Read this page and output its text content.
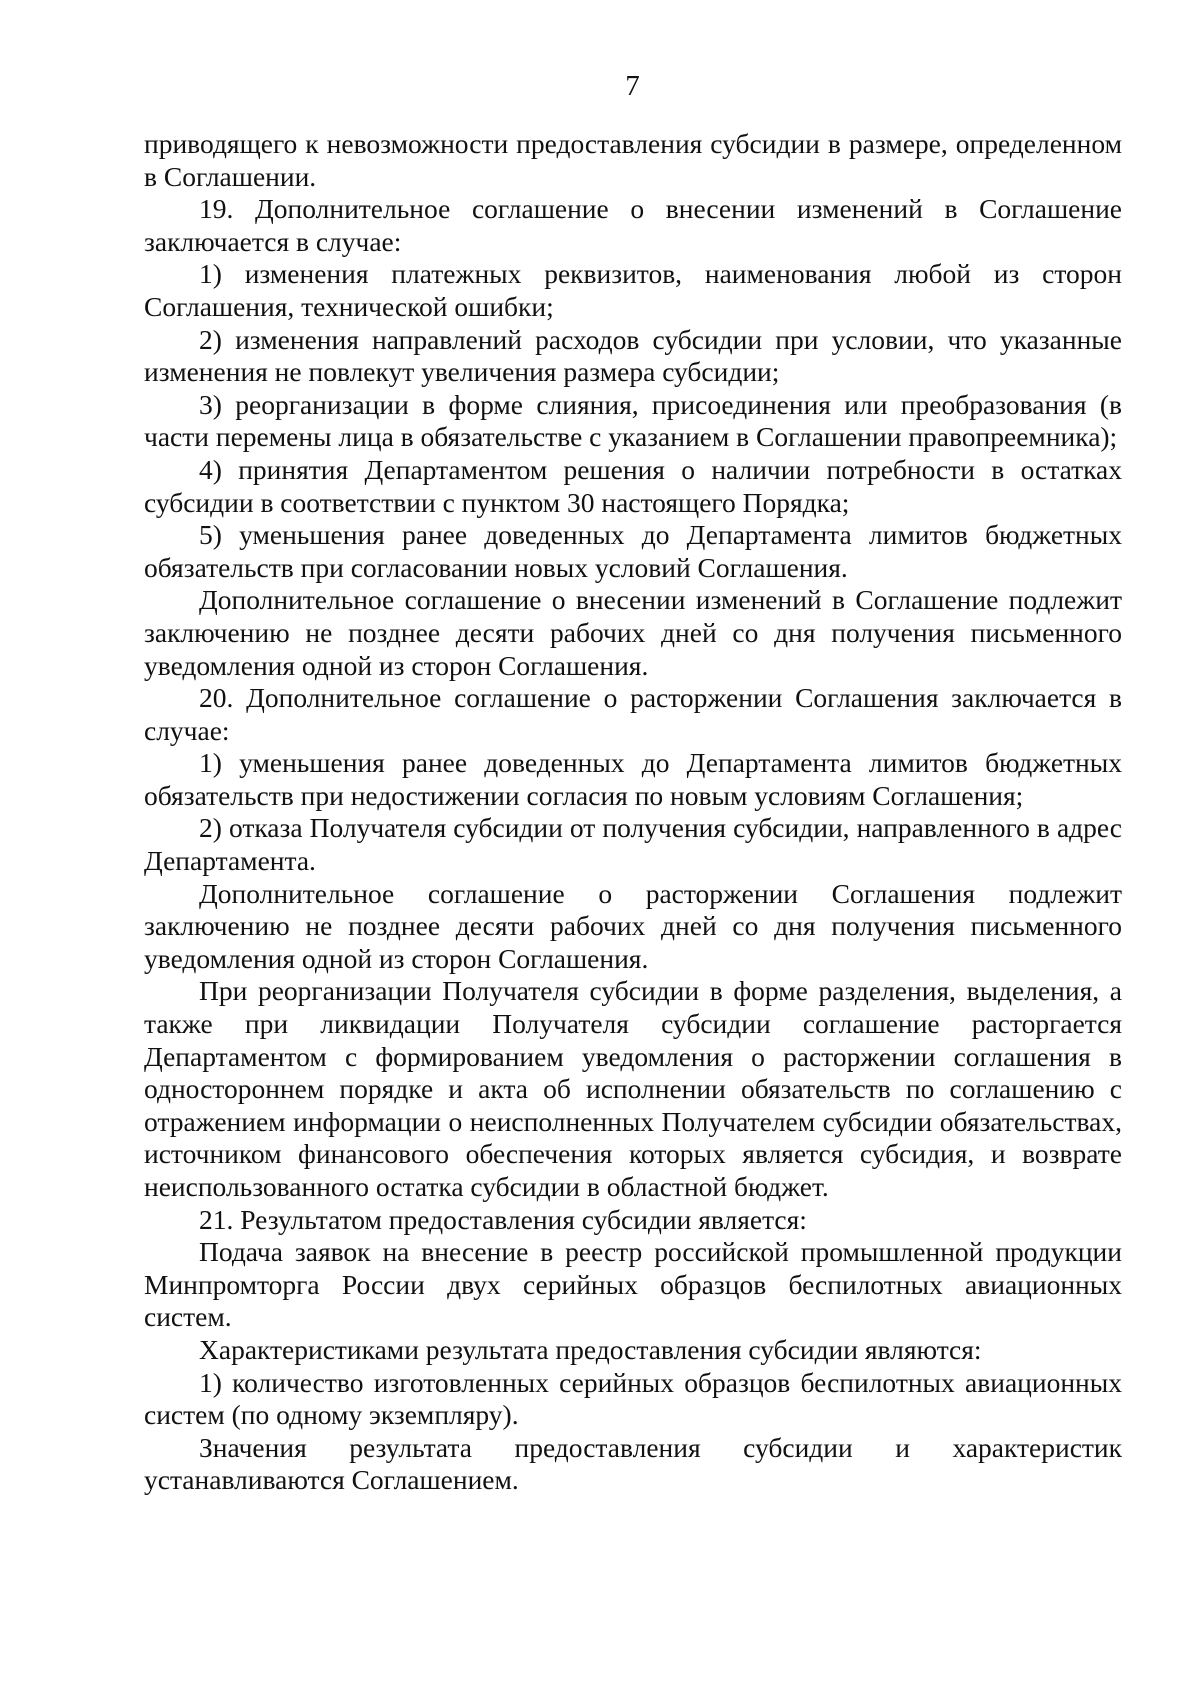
7

приводящего к невозможности предоставления субсидии в размере, определенном в Соглашении.

19. Дополнительное соглашение о внесении изменений в Соглашение заключается в случае:

1) изменения платежных реквизитов, наименования любой из сторон Соглашения, технической ошибки;

2) изменения направлений расходов субсидии при условии, что указанные изменения не повлекут увеличения размера субсидии;

3) реорганизации в форме слияния, присоединения или преобразования (в части перемены лица в обязательстве с указанием в Соглашении правопреемника);

4) принятия Департаментом решения о наличии потребности в остатках субсидии в соответствии с пунктом 30 настоящего Порядка;

5) уменьшения ранее доведенных до Департамента лимитов бюджетных обязательств при согласовании новых условий Соглашения.

Дополнительное соглашение о внесении изменений в Соглашение подлежит заключению не позднее десяти рабочих дней со дня получения письменного уведомления одной из сторон Соглашения.

20. Дополнительное соглашение о расторжении Соглашения заключается в случае:

1) уменьшения ранее доведенных до Департамента лимитов бюджетных обязательств при недостижении согласия по новым условиям Соглашения;

2) отказа Получателя субсидии от получения субсидии, направленного в адрес Департамента.

Дополнительное соглашение о расторжении Соглашения подлежит заключению не позднее десяти рабочих дней со дня получения письменного уведомления одной из сторон Соглашения.

При реорганизации Получателя субсидии в форме разделения, выделения, а также при ликвидации Получателя субсидии соглашение расторгается Департаментом с формированием уведомления о расторжении соглашения в одностороннем порядке и акта об исполнении обязательств по соглашению с отражением информации о неисполненных Получателем субсидии обязательствах, источником финансового обеспечения которых является субсидия, и возврате неиспользованного остатка субсидии в областной бюджет.

21. Результатом предоставления субсидии является:

Подача заявок на внесение в реестр российской промышленной продукции Минпромторга России двух серийных образцов беспилотных авиационных систем.

Характеристиками результата предоставления субсидии являются:

1) количество изготовленных серийных образцов беспилотных авиационных систем (по одному экземпляру).

Значения результата предоставления субсидии и характеристик устанавливаются Соглашением.
